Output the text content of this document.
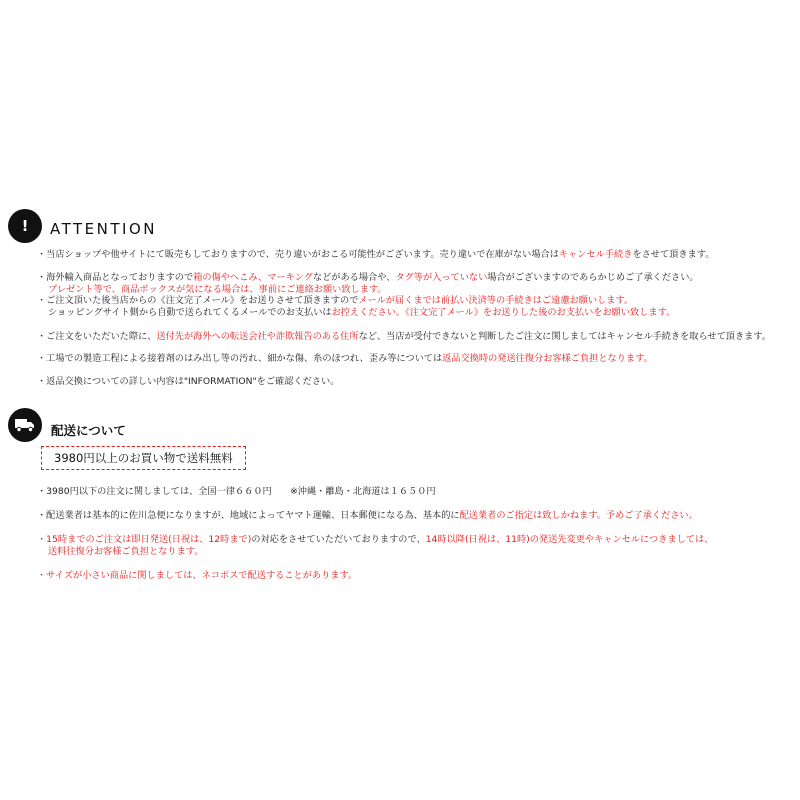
! ATTENTION
・当店ショップや他サイトにて販売もしておりますので、売り違いがおこる可能性がございます。売り違いで在庫がない場合はキャンセル手続きをさせて頂きます。
・海外輸入商品となっておりますので箱の傷やへこみ、マーキングなどがある場合や、タグ等が入っていない場合がございますのであらかじめご了承ください。
プレゼント等で、商品ボックスが気になる場合は、事前にご連絡お願い致します。
・ご注文頂いた後当店からの《注文完了メール》をお送りさせて頂きますのでメールが届くまでは前払い決済等の手続きはご遠慮お願いします。
ショッピングサイト側から自動で送られてくるメールでのお支払いはお控えください。《注文完了メール》をお送りした後のお支払いをお願い致します。
・ご注文をいただいた際に、送付先が海外への転送会社や詐欺報告のある住所など、当店が受付できないと判断したご注文に関しましてはキャンセル手続きを取らせて頂きます。
・工場での製造工程による接着剤のはみ出し等の汚れ、細かな傷、糸のほつれ、歪み等については返品交換時の発送往復分お客様ご負担となります。
・返品交換についての詳しい内容は"INFORMATION"をご確認ください。
配送について
3980円以上のお買い物で送料無料
・3980円以下の注文に関しましては、全国一律６６０円　　※沖縄・離島・北海道は１６５０円
・配送業者は基本的に佐川急便になりますが、地域によってヤマト運輸、日本郵便になる為、基本的に配送業者のご指定は致しかねます。予めご了承ください。
・15時までのご注文は即日発送(日祝は、12時まで)の対応をさせていただいておりますので、14時以降(日祝は、11時)の発送先変更やキャンセルにつきましては、
送料往復分お客様ご負担となります。
・サイズが小さい商品に関しましては、ネコポスで配送することがあります。
